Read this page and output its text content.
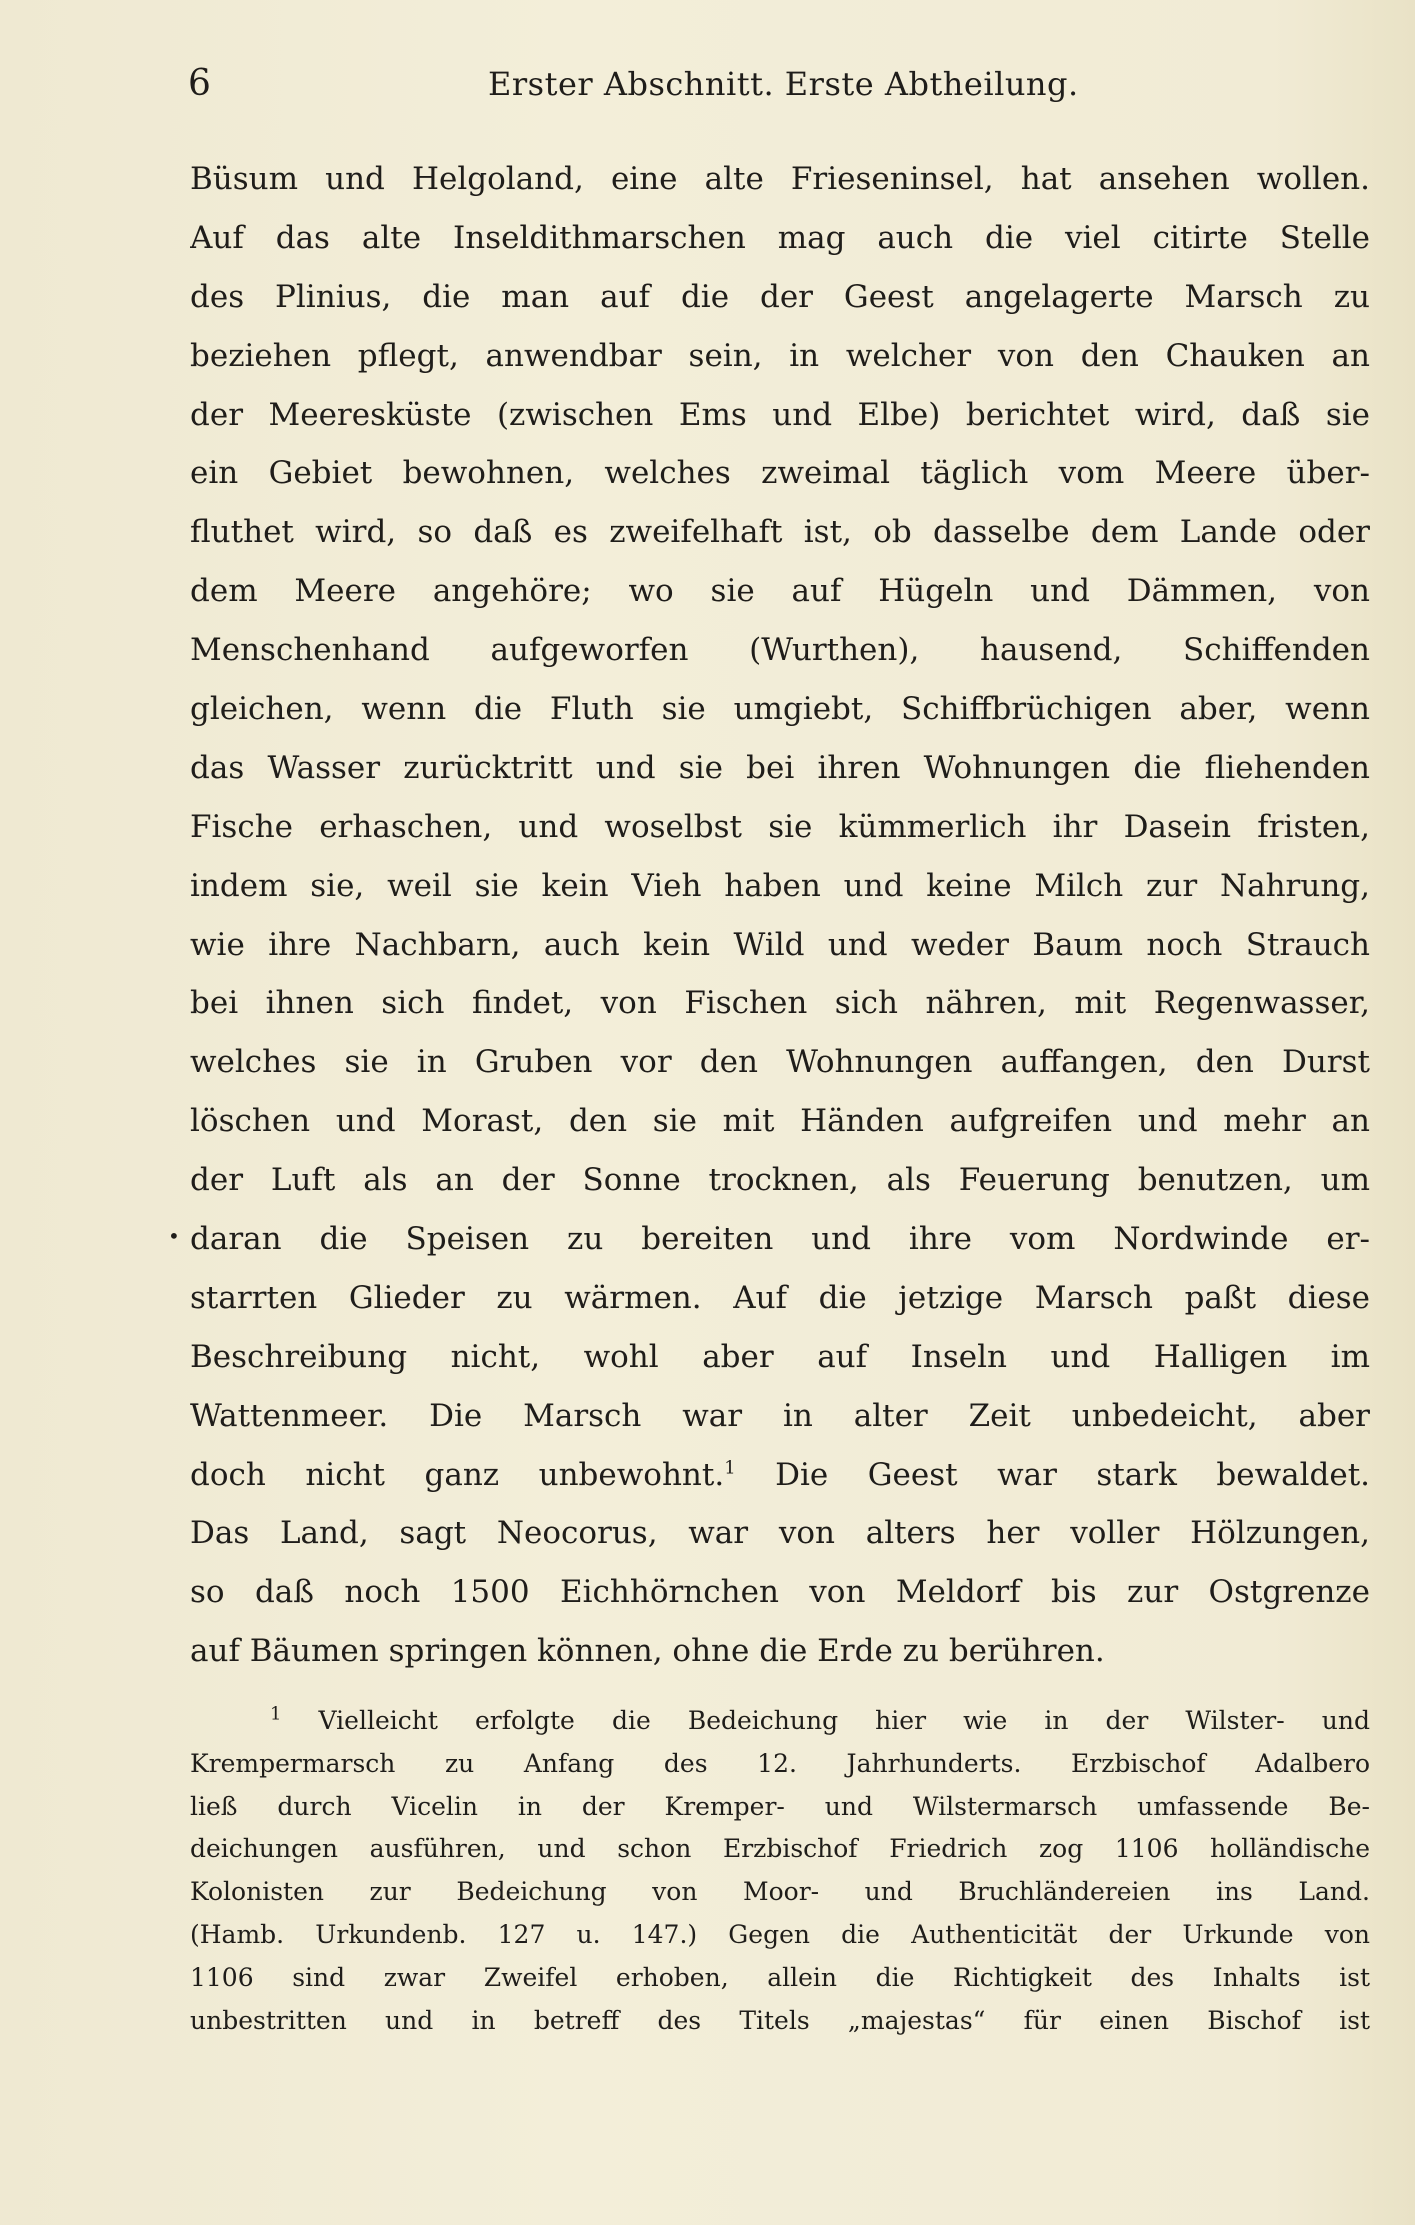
6	Erster Abschnitt. Erste Abtheilung.
•
Büsum und Helgoland, eine alte Frieseninsel, hat ansehen wollen.
Auf das alte Inseldithmarschen mag auch die viel citirte Stelle
des Plinius, die man auf die der Geest angelagerte Marsch zu
beziehen pflegt, anwendbar sein, in welcher von den Chauken an
der Meeresküste (zwischen Ems und Elbe) berichtet wird, daß sie
ein Gebiet bewohnen, welches zweimal täglich vom Meere über-
fluthet wird, so daß es zweifelhaft ist, ob dasselbe dem Lande oder
dem Meere angehöre; wo sie auf Hügeln und Dämmen, von
Menschenhand aufgeworfen (Wurthen), hausend, Schiffenden
gleichen, wenn die Fluth sie umgiebt, Schiffbrüchigen aber, wenn
das Wasser zurücktritt und sie bei ihren Wohnungen die fliehenden
Fische erhaschen, und woselbst sie kümmerlich ihr Dasein fristen,
indem sie, weil sie kein Vieh haben und keine Milch zur Nahrung,
wie ihre Nachbarn, auch kein Wild und weder Baum noch Strauch
bei ihnen sich findet, von Fischen sich nähren, mit Regenwasser,
welches sie in Gruben vor den Wohnungen auffangen, den Durst
löschen und Morast, den sie mit Händen aufgreifen und mehr an
der Luft als an der Sonne trocknen, als Feuerung benutzen, um
daran die Speisen zu bereiten und ihre vom Nordwinde er-
starrten Glieder zu wärmen. Auf die jetzige Marsch paßt diese
Beschreibung nicht, wohl aber auf Inseln und Halligen im
Wattenmeer. Die Marsch war in alter Zeit unbedeicht, aber
doch nicht ganz unbewohnt.$^1$ Die Geest war stark bewaldet.
Das Land, sagt Neocorus, war von alters her voller Hölzungen,
so daß noch 1500 Eichhörnchen von Meldorf bis zur Ostgrenze
auf Bäumen springen können, ohne die Erde zu berühren.
$^1$ Vielleicht erfolgte die Bedeichung hier wie in der Wilster- und
Krempermarsch zu Anfang des 12. Jahrhunderts. Erzbischof Adalbero
ließ durch Vicelin in der Kremper- und Wilstermarsch umfassende Be-
deichungen ausführen, und schon Erzbischof Friedrich zog 1106 holländische
Kolonisten zur Bedeichung von Moor- und Bruchländereien ins Land.
(Hamb. Urkundenb. 127 u. 147.) Gegen die Authenticität der Urkunde von
1106 sind zwar Zweifel erhoben, allein die Richtigkeit des Inhalts ist
unbestritten und in betreff des Titels „majestas“ für einen Bischof ist
